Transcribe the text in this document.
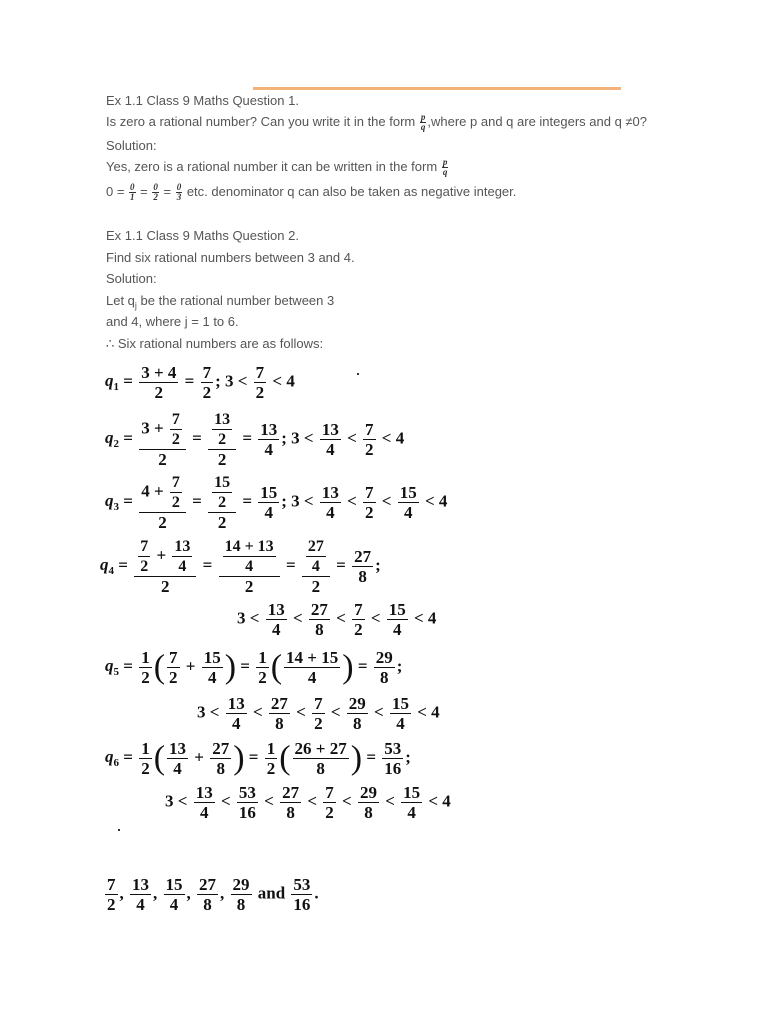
Ex 1.1 Class 9 Maths Question 1.
Is zero a rational number? Can you write it in the form $\frac{p}{q}$ ,where p and q are integers and q ≠0?
Solution:
Yes, zero is a rational number it can be written in the form $\frac{p}{q}$
$0 = \frac{0}{1} = \frac{0}{2} = \frac{0}{3}$ etc. denominator q can also be taken as negative integer.
Ex 1.1 Class 9 Maths Question 2.
Find six rational numbers between 3 and 4.
Solution:
Let $q_j$ be the rational number between 3
and 4, where j = 1 to 6.
∴ Six rational numbers are as follows:
$q_1 = \frac{3 + 4}{2} = \frac{7}{2}$ ; $3 < \frac{7}{2} < 4$
$q_2 = \frac{3 + \frac{7}{2}}{2} = \frac{\frac{13}{2}}{2} = \frac{13}{4}$ ; $3 < \frac{13}{4} < \frac{7}{2} < 4$
$q_3 = \frac{4 + \frac{7}{2}}{2} = \frac{\frac{15}{2}}{2} = \frac{15}{4}$ ; $3 < \frac{13}{4} < \frac{7}{2} < \frac{15}{4} < 4$
$q_4 = \frac{\frac{7}{2} + \frac{13}{4}}{2} = \frac{\frac{14 + 13}{4}}{2} = \frac{\frac{27}{4}}{2} = \frac{27}{8}$ ;
$3 < \frac{13}{4} < \frac{27}{8} < \frac{7}{2} < \frac{15}{4} < 4$
$q_5 = \frac{1}{2}$ ( $\frac{7}{2} + \frac{15}{4}$ ) = $\frac{1}{2}$ ( $\frac{14 + 15}{4}$ ) = $\frac{29}{8}$ ;
$3 < \frac{13}{4} < \frac{27}{8} < \frac{7}{2} < \frac{29}{8} < \frac{15}{4} < 4$
$q_6 = \frac{1}{2}$ ( $\frac{13}{4} + \frac{27}{8}$ ) = $\frac{1}{2}$ ( $\frac{26 + 27}{8}$ ) = $\frac{53}{16}$ ;
$3 < \frac{13}{4} < \frac{53}{16} < \frac{27}{8} < \frac{7}{2} < \frac{29}{8} < \frac{15}{4} < 4$
$\frac{7}{2}$ , $\frac{13}{4}$ , $\frac{15}{4}$ , $\frac{27}{8}$ , $\frac{29}{8}$ and $\frac{53}{16}$ .
